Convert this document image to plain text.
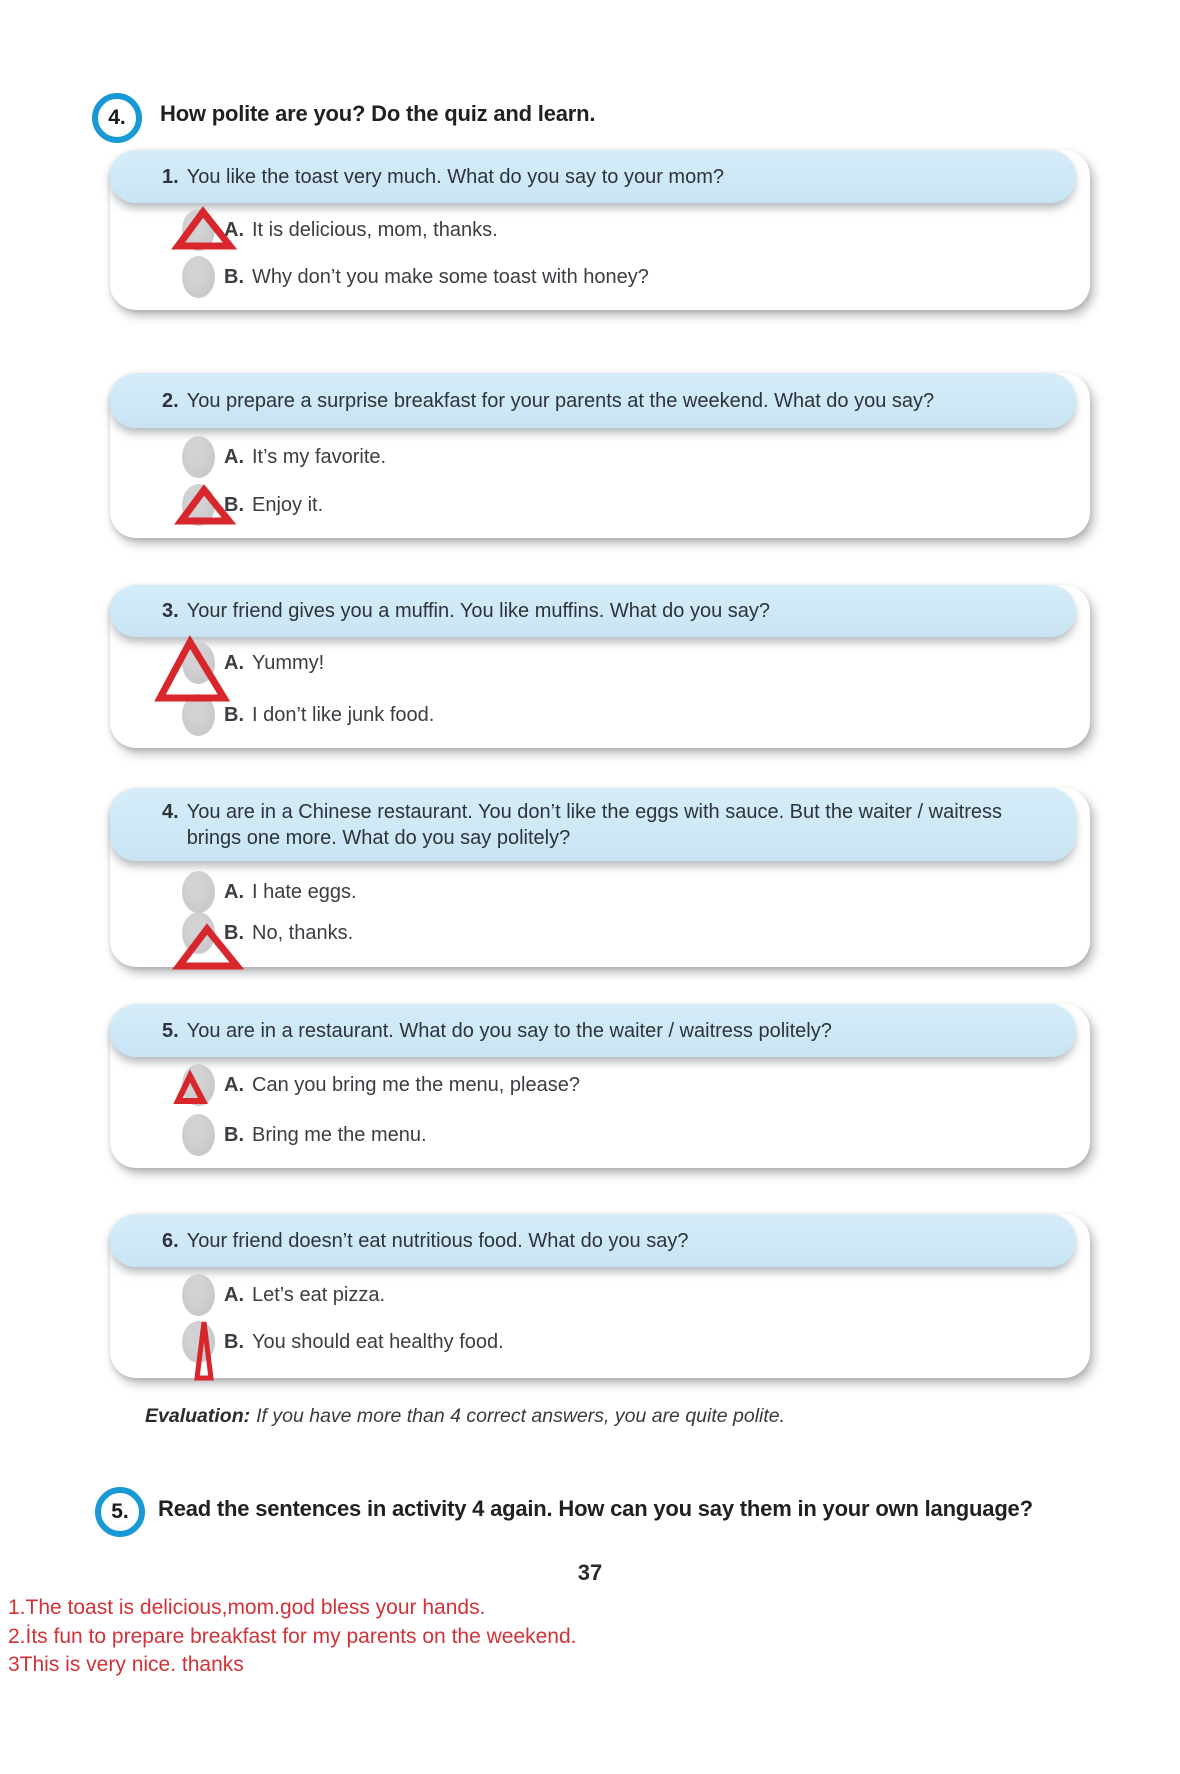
4. How polite are you? Do the quiz and learn.
1. You like the toast very much. What do you say to your mom?
A. It is delicious, mom, thanks.
B. Why don’t you make some toast with honey?
2. You prepare a surprise breakfast for your parents at the weekend. What do you say?
A. It’s my favorite.
B. Enjoy it.
3. Your friend gives you a muffin. You like muffins. What do you say?
A. Yummy!
B. I don’t like junk food.
4. You are in a Chinese restaurant. You don’t like the eggs with sauce. But the waiter / waitress brings one more. What do you say politely?
A. I hate eggs.
B. No, thanks.
5. You are in a restaurant. What do you say to the waiter / waitress politely?
A. Can you bring me the menu, please?
B. Bring me the menu.
6. Your friend doesn’t eat nutritious food. What do you say?
A. Let’s eat pizza.
B. You should eat healthy food.
Evaluation: If you have more than 4 correct answers, you are quite polite.
5. Read the sentences in activity 4 again. How can you say them in your own language?
37
1.The toast is delicious,mom.god bless your hands.
2.İts fun to prepare breakfast for my parents on the weekend.
3This is very nice. thanks
